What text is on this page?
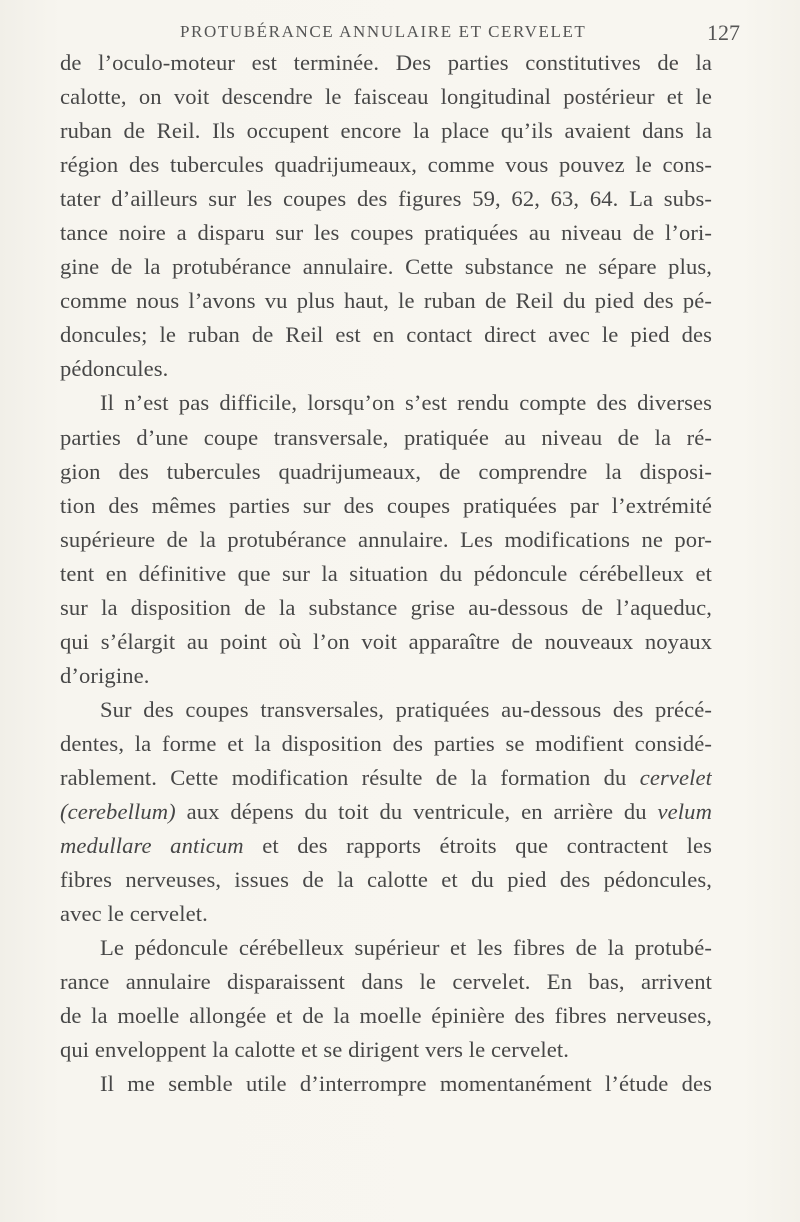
PROTUBÉRANCE ANNULAIRE ET CERVELET	127
de l’oculo-moteur est terminée. Des parties constitutives de la
calotte, on voit descendre le faisceau longitudinal postérieur et le
ruban de Reil. Ils occupent encore la place qu’ils avaient dans la
région des tubercules quadrijumeaux, comme vous pouvez le cons-
tater d’ailleurs sur les coupes des figures 59, 62, 63, 64. La subs-
tance noire a disparu sur les coupes pratiquées au niveau de l’ori-
gine de la protubérance annulaire. Cette substance ne sépare plus,
comme nous l’avons vu plus haut, le ruban de Reil du pied des pé-
doncules; le ruban de Reil est en contact direct avec le pied des
pédoncules.
Il n’est pas difficile, lorsqu’on s’est rendu compte des diverses
parties d’une coupe transversale, pratiquée au niveau de la ré-
gion des tubercules quadrijumeaux, de comprendre la disposi-
tion des mêmes parties sur des coupes pratiquées par l’extrémité
supérieure de la protubérance annulaire. Les modifications ne por-
tent en définitive que sur la situation du pédoncule cérébelleux et
sur la disposition de la substance grise au-dessous de l’aqueduc,
qui s’élargit au point où l’on voit apparaître de nouveaux noyaux
d’origine.
Sur des coupes transversales, pratiquées au-dessous des précé-
dentes, la forme et la disposition des parties se modifient considé-
rablement. Cette modification résulte de la formation du cervelet
(cerebellum) aux dépens du toit du ventricule, en arrière du velum
medullare anticum et des rapports étroits que contractent les
fibres nerveuses, issues de la calotte et du pied des pédoncules,
avec le cervelet.
Le pédoncule cérébelleux supérieur et les fibres de la protubé-
rance annulaire disparaissent dans le cervelet. En bas, arrivent
de la moelle allongée et de la moelle épinière des fibres nerveuses,
qui enveloppent la calotte et se dirigent vers le cervelet.
Il me semble utile d’interrompre momentanément l’étude des
